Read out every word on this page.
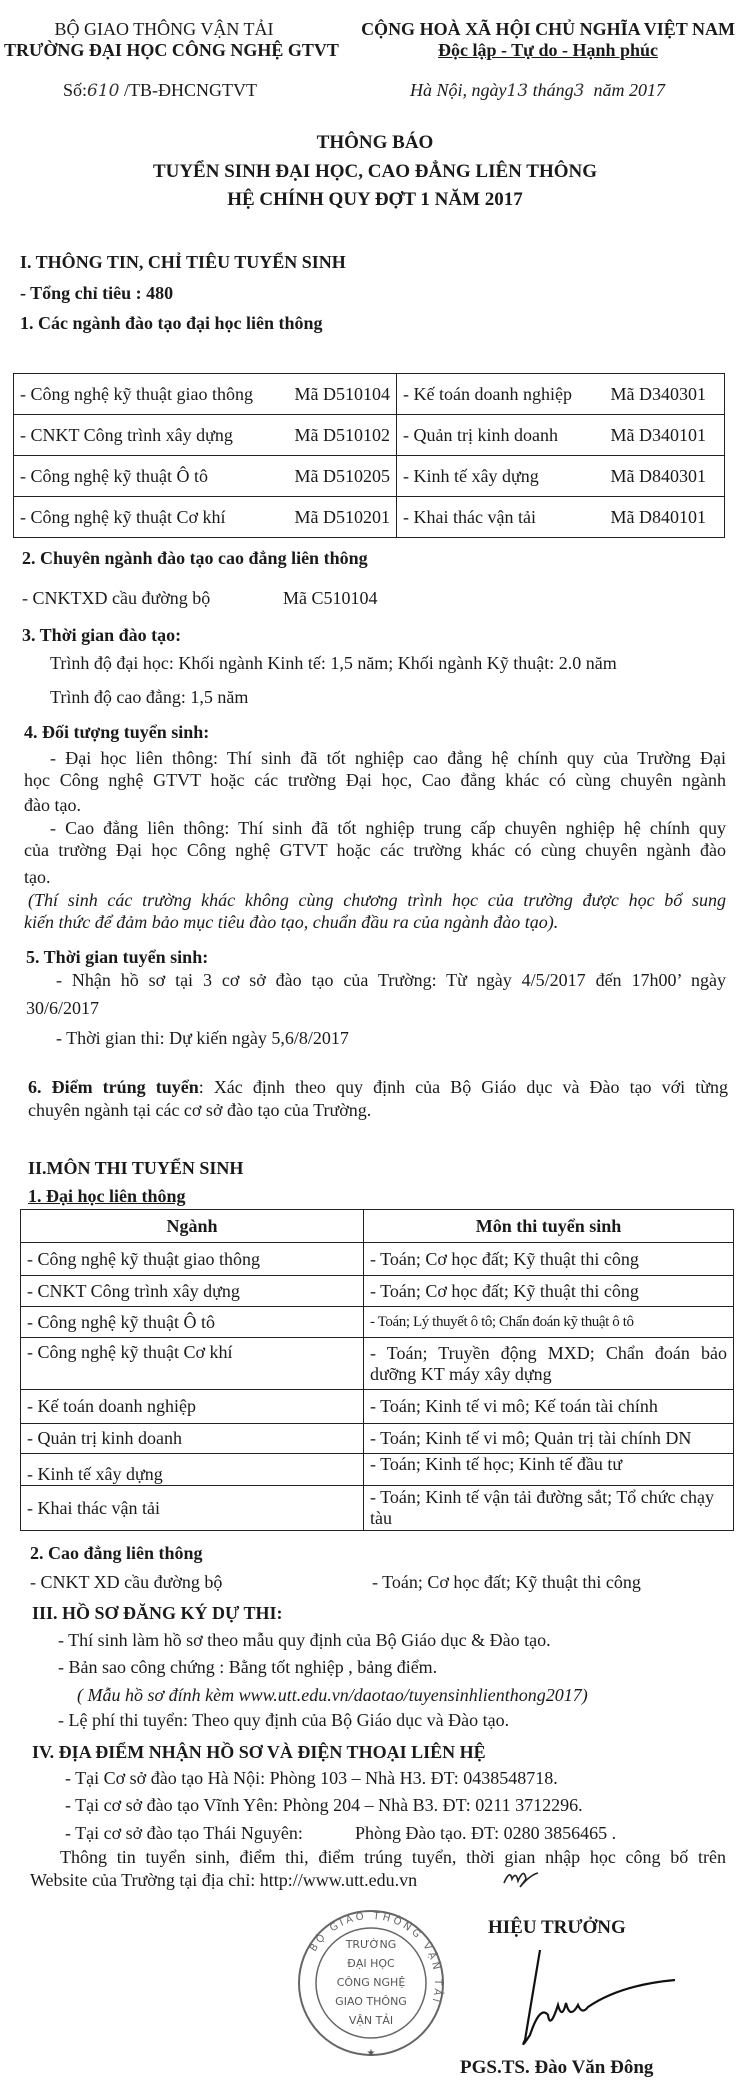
BỘ GIAO THÔNG VẬN TẢI
TRƯỜNG ĐẠI HỌC CÔNG NGHỆ GTVT
CỘNG HOÀ XÃ HỘI CHỦ NGHĨA VIỆT NAM
Độc lập - Tự do - Hạnh phúc
Số:610 /TB-ĐHCNGTVT	Hà Nội, ngày13 tháng3 năm 2017
THÔNG BÁO
TUYỂN SINH ĐẠI HỌC, CAO ĐẲNG LIÊN THÔNG
HỆ CHÍNH QUY ĐỢT 1 NĂM 2017
I. THÔNG TIN, CHỈ TIÊU TUYỂN SINH
- Tổng chỉ tiêu : 480
1. Các ngành đào tạo đại học liên thông
- Công nghệ kỹ thuật giao thông Mã D510104	- Kế toán doanh nghiệp Mã D340301

- CNKT Công trình xây dựng Mã D510102	- Quản trị kinh doanh Mã D340101

- Công nghệ kỹ thuật Ô tô Mã D510205	- Kinh tế xây dựng Mã D840301

- Công nghệ kỹ thuật Cơ khí Mã D510201	- Khai thác vận tải Mã D840101
2. Chuyên ngành đào tạo cao đẳng liên thông
- CNKTXD cầu đường bộ	Mã C510104
3. Thời gian đào tạo:
Trình độ đại học: Khối ngành Kinh tế: 1,5 năm; Khối ngành Kỹ thuật: 2.0 năm
Trình độ cao đẳng: 1,5 năm
4. Đối tượng tuyển sinh:
- Đại học liên thông: Thí sinh đã tốt nghiệp cao đẳng hệ chính quy của Trường Đại
học Công nghệ GTVT hoặc các trường Đại học, Cao đẳng khác có cùng chuyên ngành
đào tạo.
- Cao đẳng liên thông: Thí sinh đã tốt nghiệp trung cấp chuyên nghiệp hệ chính quy
của trường Đại học Công nghệ GTVT hoặc các trường khác có cùng chuyên ngành đào
tạo.
(Thí sinh các trường khác không cùng chương trình học của trường được học bổ sung
kiến thức để đảm bảo mục tiêu đào tạo, chuẩn đầu ra của ngành đào tạo).
5. Thời gian tuyển sinh:
- Nhận hồ sơ tại 3 cơ sở đào tạo của Trường: Từ ngày 4/5/2017 đến 17h00’ ngày
30/6/2017
- Thời gian thi: Dự kiến ngày 5,6/8/2017
6. Điểm trúng tuyển: Xác định theo quy định của Bộ Giáo dục và Đào tạo với từng
chuyên ngành tại các cơ sở đào tạo của Trường.
II.MÔN THI TUYỂN SINH
1. Đại học liên thông
Ngành	Môn thi tuyển sinh
- Công nghệ kỹ thuật giao thông	- Toán; Cơ học đất; Kỹ thuật thi công
- CNKT Công trình xây dựng	- Toán; Cơ học đất; Kỹ thuật thi công
- Công nghệ kỹ thuật Ô tô	- Toán; Lý thuyết ô tô; Chẩn đoán kỹ thuật ô tô
- Công nghệ kỹ thuật Cơ khí	- Toán; Truyền động MXD; Chẩn đoán bảo dưỡng KT máy xây dựng
- Kế toán doanh nghiệp	- Toán; Kinh tế vi mô; Kế toán tài chính
- Quản trị kinh doanh	- Toán; Kinh tế vi mô; Quản trị tài chính DN
- Kinh tế xây dựng	- Toán; Kinh tế học; Kinh tế đầu tư
- Khai thác vận tải	- Toán; Kinh tế vận tải đường sắt; Tổ chức chạy tàu
2. Cao đẳng liên thông
- CNKT XD cầu đường bộ	- Toán; Cơ học đất; Kỹ thuật thi công
III. HỒ SƠ ĐĂNG KÝ DỰ THI:
- Thí sinh làm hồ sơ theo mẫu quy định của Bộ Giáo dục & Đào tạo.
- Bản sao công chứng : Bằng tốt nghiệp , bảng điểm.
( Mẫu hồ sơ đính kèm www.utt.edu.vn/daotao/tuyensinhlienthong2017)
- Lệ phí thi tuyển: Theo quy định của Bộ Giáo dục và Đào tạo.
IV. ĐỊA ĐIỂM NHẬN HỒ SƠ VÀ ĐIỆN THOẠI LIÊN HỆ
- Tại Cơ sở đào tạo Hà Nội: Phòng 103 – Nhà H3. ĐT: 0438548718.
- Tại cơ sở đào tạo Vĩnh Yên: Phòng 204 – Nhà B3. ĐT: 0211 3712296.
- Tại cơ sở đào tạo Thái Nguyên:	Phòng Đào tạo. ĐT: 0280 3856465 .
Thông tin tuyển sinh, điểm thi, điểm trúng tuyển, thời gian nhập học công bố trên
Website của Trường tại địa chỉ: http://www.utt.edu.vn
BỘ GIAO THÔNG VẬN TẢI
TRƯỜNG
ĐẠI HỌC
CÔNG NGHỆ
GIAO THÔNG
VẬN TẢI
★
HIỆU TRƯỞNG
PGS.TS. Đào Văn Đông
